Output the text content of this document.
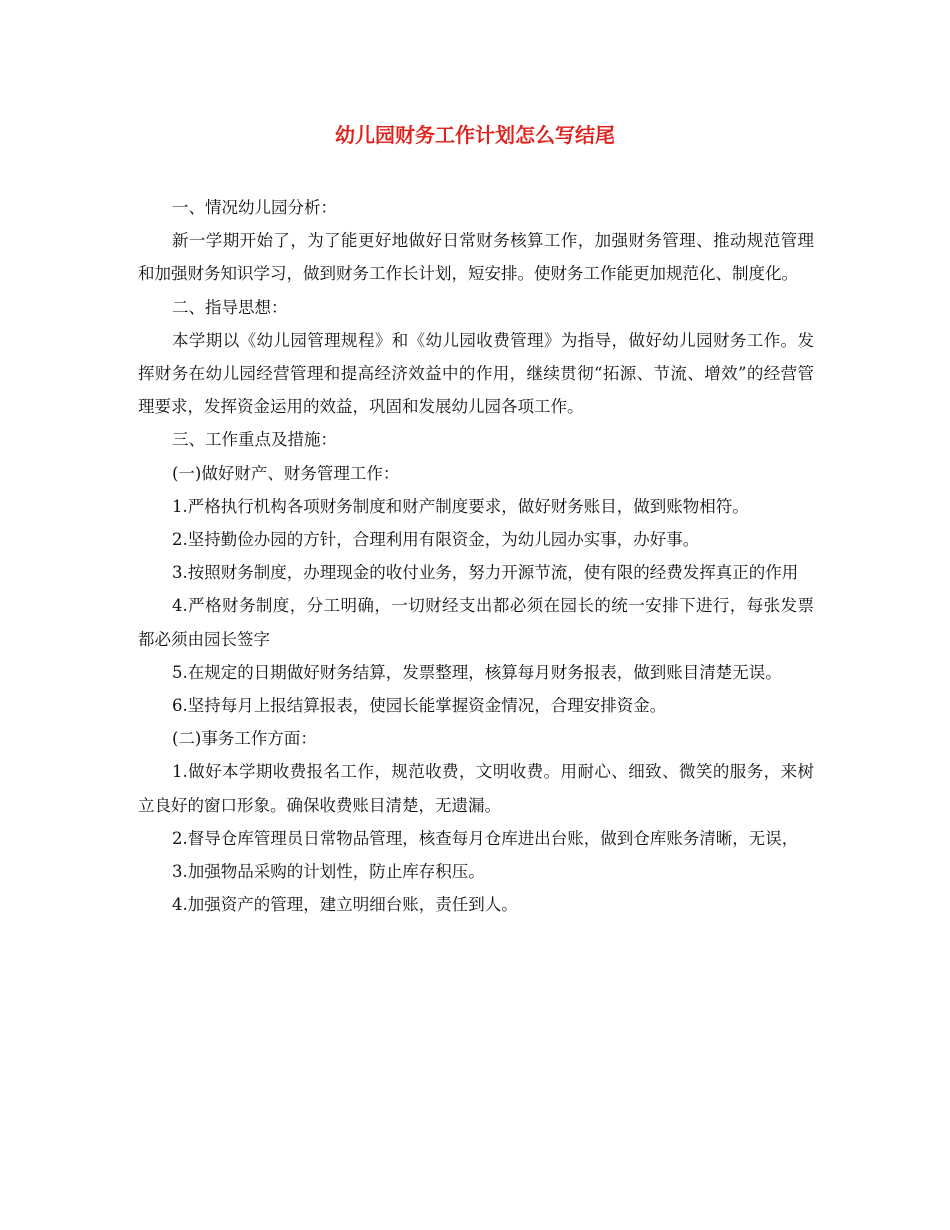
幼儿园财务工作计划怎么写结尾

一、情况幼儿园分析：

新一学期开始了，为了能更好地做好日常财务核算工作，加强财务管理、推动规范管理和加强财务知识学习，做到财务工作长计划，短安排。使财务工作能更加规范化、制度化。

二、指导思想：

本学期以《幼儿园管理规程》和《幼儿园收费管理》为指导，做好幼儿园财务工作。发挥财务在幼儿园经营管理和提高经济效益中的作用，继续贯彻“拓源、节流、增效”的经营管理要求，发挥资金运用的效益，巩固和发展幼儿园各项工作。

三、工作重点及措施：

(一)做好财产、财务管理工作：

1.严格执行机构各项财务制度和财产制度要求，做好财务账目，做到账物相符。

2.坚持勤俭办园的方针，合理利用有限资金，为幼儿园办实事，办好事。

3.按照财务制度，办理现金的收付业务，努力开源节流，使有限的经费发挥真正的作用

4.严格财务制度，分工明确，一切财经支出都必须在园长的统一安排下进行，每张发票都必须由园长签字

5.在规定的日期做好财务结算，发票整理，核算每月财务报表，做到账目清楚无误。

6.坚持每月上报结算报表，使园长能掌握资金情况，合理安排资金。

(二)事务工作方面：

1.做好本学期收费报名工作，规范收费，文明收费。用耐心、细致、微笑的服务，来树立良好的窗口形象。确保收费账目清楚，无遗漏。

2.督导仓库管理员日常物品管理，核查每月仓库进出台账，做到仓库账务清晰，无误，

3.加强物品采购的计划性，防止库存积压。

4.加强资产的管理，建立明细台账，责任到人。
